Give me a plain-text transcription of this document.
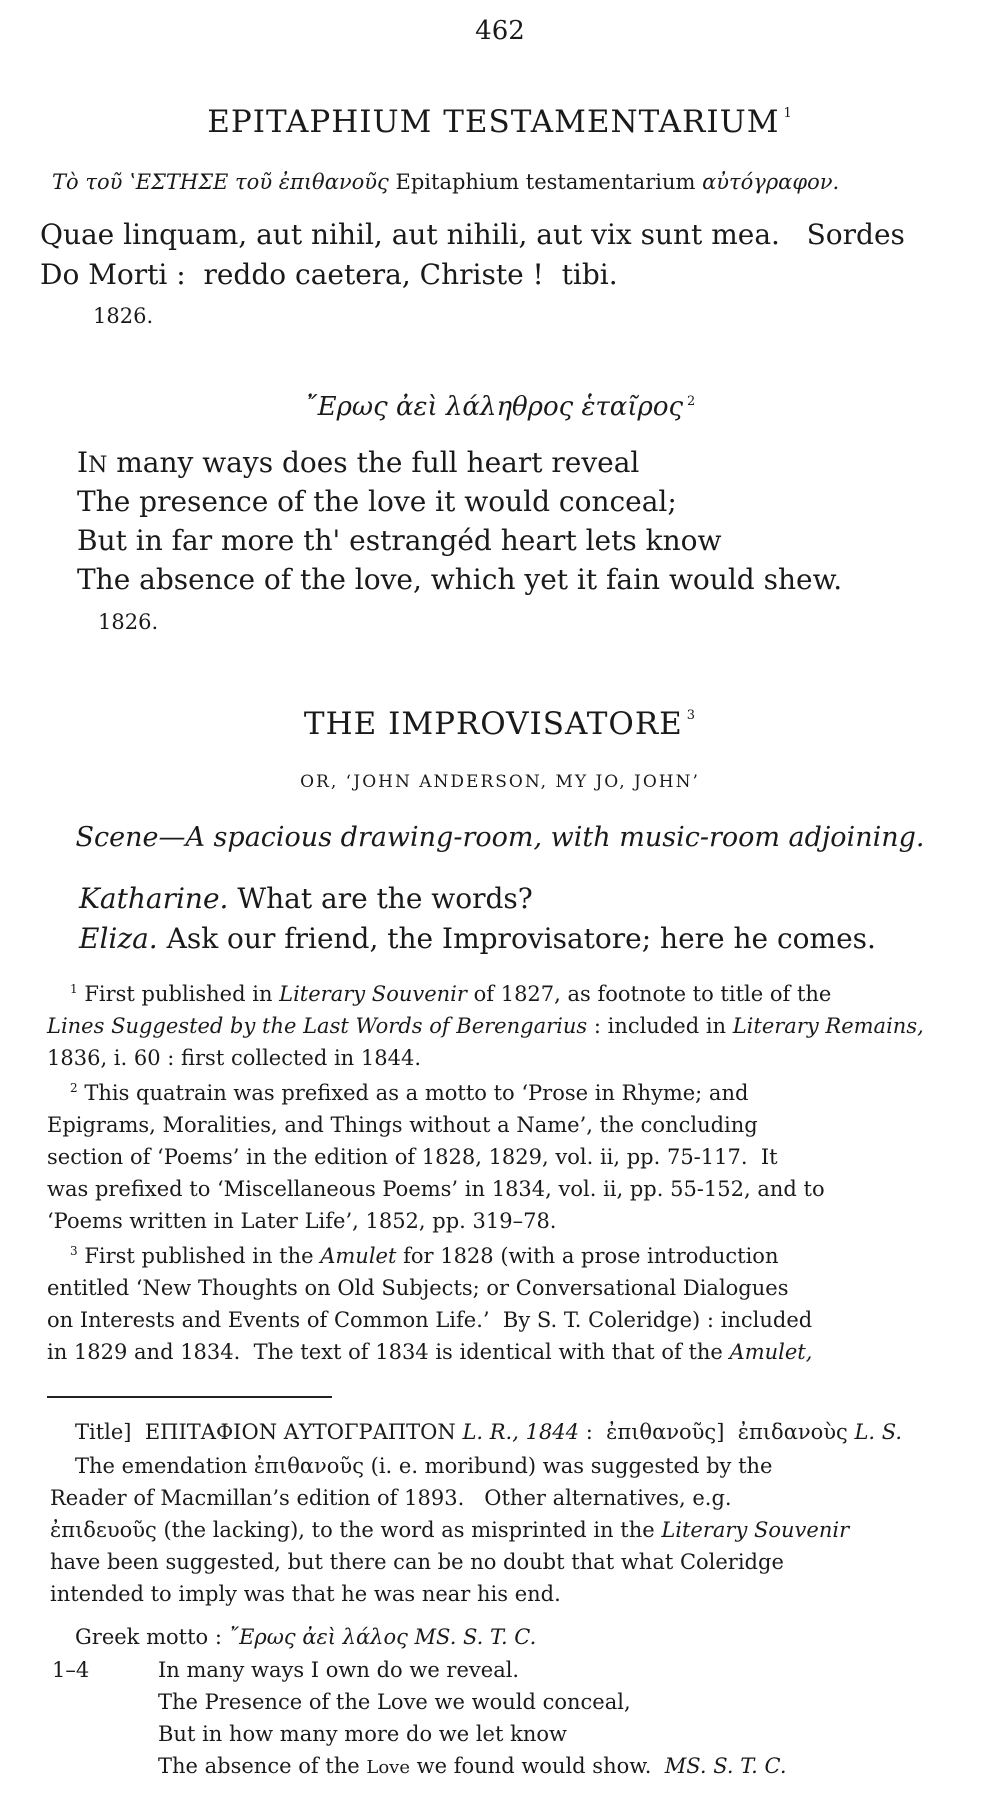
462
EPITAPHIUM TESTAMENTARIUM $^1$
Τὸ τοῦ ʽΕΣΤΗΣΕ τοῦ ἐπιθανοῦς Epitaphium testamentarium αὐτόγραφον.
Quae linquam, aut nihil, aut nihili, aut vix sunt mea.   Sordes
Do Morti :  reddo caetera, Christe !  tibi.
1826.
῎Ερως ἀεὶ λάληθρος ἑταῖρος $^2$
IN many ways does the full heart reveal
The presence of the love it would conceal;
But in far more th' estrangéd heart lets know
The absence of the love, which yet it fain would shew.
1826.
THE IMPROVISATORE $^3$
OR, ‘JOHN ANDERSON, MY JO, JOHN’
Scene—A spacious drawing-room, with music-room adjoining.
Katharine. What are the words?
Eliza. Ask our friend, the Improvisatore; here he comes.
$^1$ First published in Literary Souvenir of 1827, as footnote to title of the
Lines Suggested by the Last Words of Berengarius : included in Literary Remains,
1836, i. 60 : first collected in 1844.
$^2$ This quatrain was prefixed as a motto to ‘Prose in Rhyme; and
Epigrams, Moralities, and Things without a Name’, the concluding
section of ‘Poems’ in the edition of 1828, 1829, vol. ii, pp. 75-117.  It
was prefixed to ‘Miscellaneous Poems’ in 1834, vol. ii, pp. 55-152, and to
‘Poems written in Later Life’, 1852, pp. 319–78.
$^3$ First published in the Amulet for 1828 (with a prose introduction
entitled ‘New Thoughts on Old Subjects; or Conversational Dialogues
on Interests and Events of Common Life.’  By S. T. Coleridge) : included
in 1829 and 1834.  The text of 1834 is identical with that of the Amulet,
Title]  ΕΠΙΤΑΦΙΟΝ ΑΥΤΟΓΡΑΠΤΟΝ L. R., 1844 :  ἐπιθανοῦς]  ἐπιδανοὺς L. S.
The emendation ἐπιθανοῦς (i. e. moribund) was suggested by the
Reader of Macmillan’s edition of 1893.   Other alternatives, e.g.
ἐπιδευοῦς (the lacking), to the word as misprinted in the Literary Souvenir
have been suggested, but there can be no doubt that what Coleridge
intended to imply was that he was near his end.
Greek motto : ῎Ερως ἀεὶ λάλος MS. S. T. C.
1–4	In many ways I own do we reveal.
The Presence of the Love we would conceal,
But in how many more do we let know
The absence of the Love we found would show.  MS. S. T. C.
